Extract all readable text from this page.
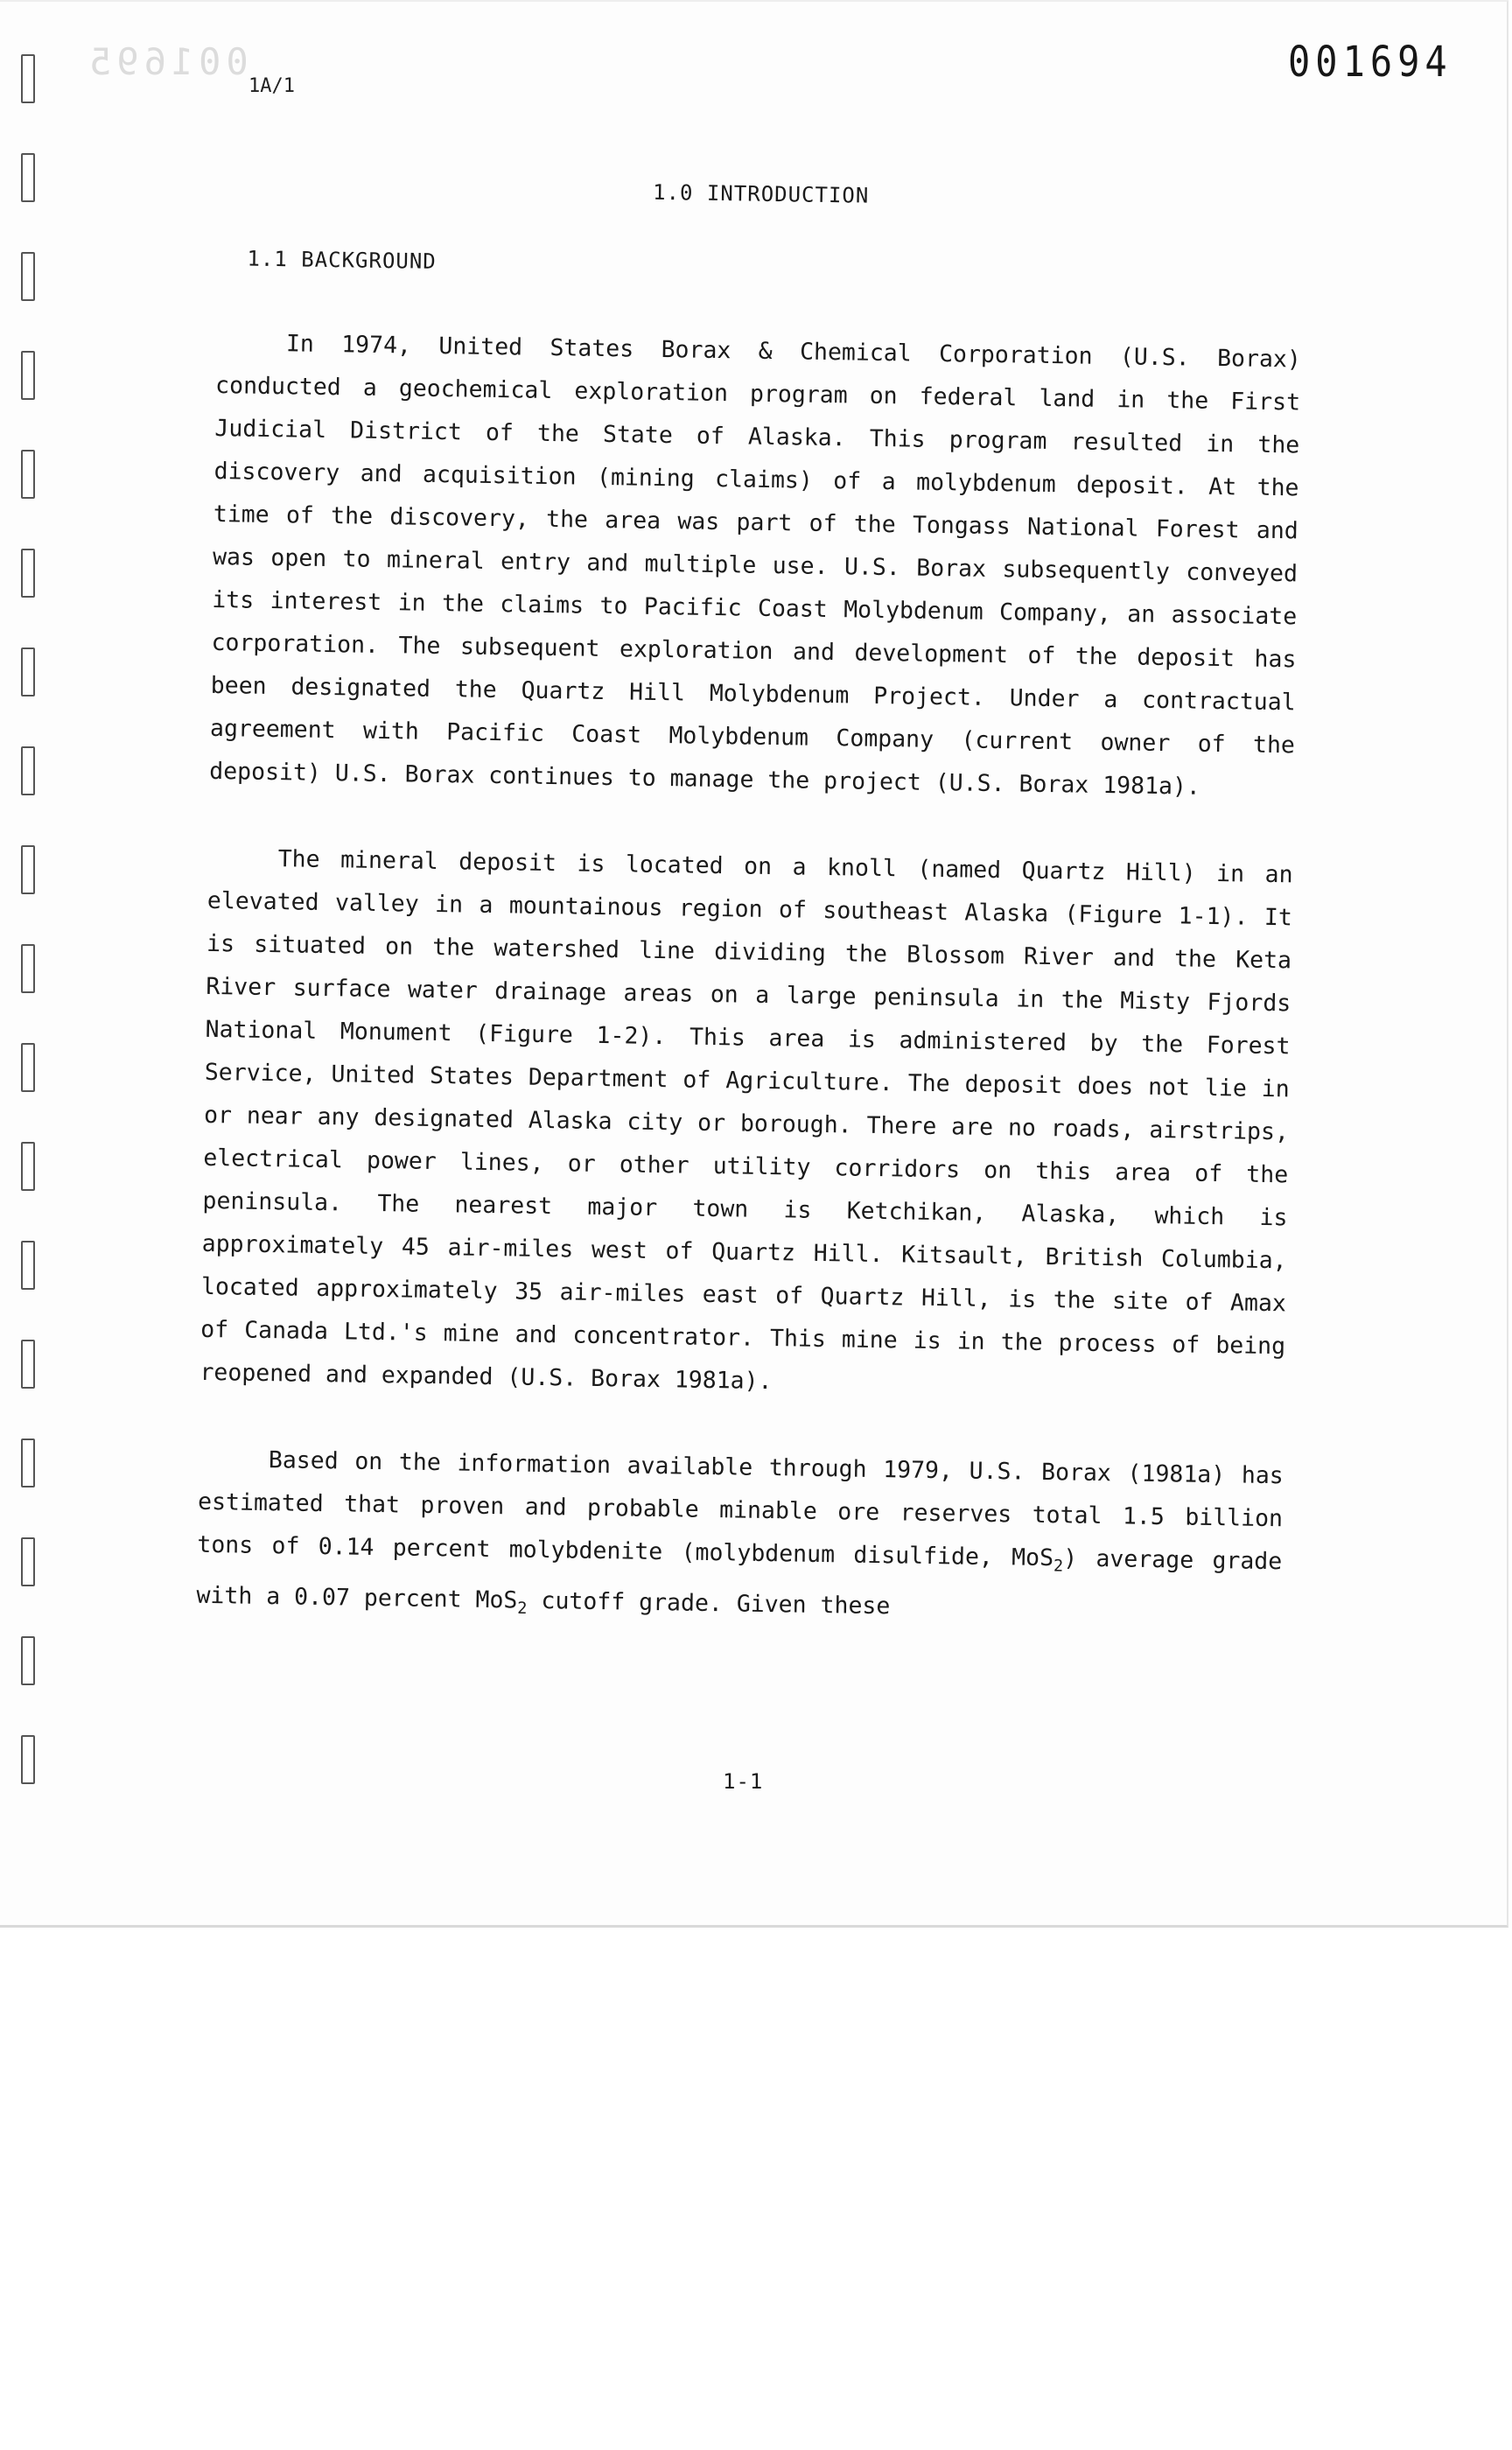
001695	001694
1A/1
1.0 INTRODUCTION
1.1 BACKGROUND

In 1974, United States Borax & Chemical Corporation (U.S. Borax) conducted a geochemical exploration program on federal land in the First Judicial District of the State of Alaska. This program resulted in the discovery and acquisition (mining claims) of a molybdenum deposit. At the time of the discovery, the area was part of the Tongass National Forest and was open to mineral entry and multiple use. U.S. Borax subsequently conveyed its interest in the claims to Pacific Coast Molybdenum Company, an associate corporation. The subsequent exploration and development of the deposit has been designated the Quartz Hill Molybdenum Project. Under a contractual agreement with Pacific Coast Molybdenum Company (current owner of the deposit) U.S. Borax continues to manage the project (U.S. Borax 1981a).

The mineral deposit is located on a knoll (named Quartz Hill) in an elevated valley in a mountainous region of southeast Alaska (Figure 1-1). It is situated on the watershed line dividing the Blossom River and the Keta River surface water drainage areas on a large peninsula in the Misty Fjords National Monument (Figure 1-2). This area is administered by the Forest Service, United States Department of Agriculture. The deposit does not lie in or near any designated Alaska city or borough. There are no roads, airstrips, electrical power lines, or other utility corridors on this area of the peninsula. The nearest major town is Ketchikan, Alaska, which is approximately 45 air-miles west of Quartz Hill. Kitsault, British Columbia, located approximately 35 air-miles east of Quartz Hill, is the site of Amax of Canada Ltd.'s mine and concentrator. This mine is in the process of being reopened and expanded (U.S. Borax 1981a).

Based on the information available through 1979, U.S. Borax (1981a) has estimated that proven and probable minable ore reserves total 1.5 billion tons of 0.14 percent molybdenite (molybdenum disulfide, MoS$_2$) average grade with a 0.07 percent MoS$_2$ cutoff grade. Given these

1-1
